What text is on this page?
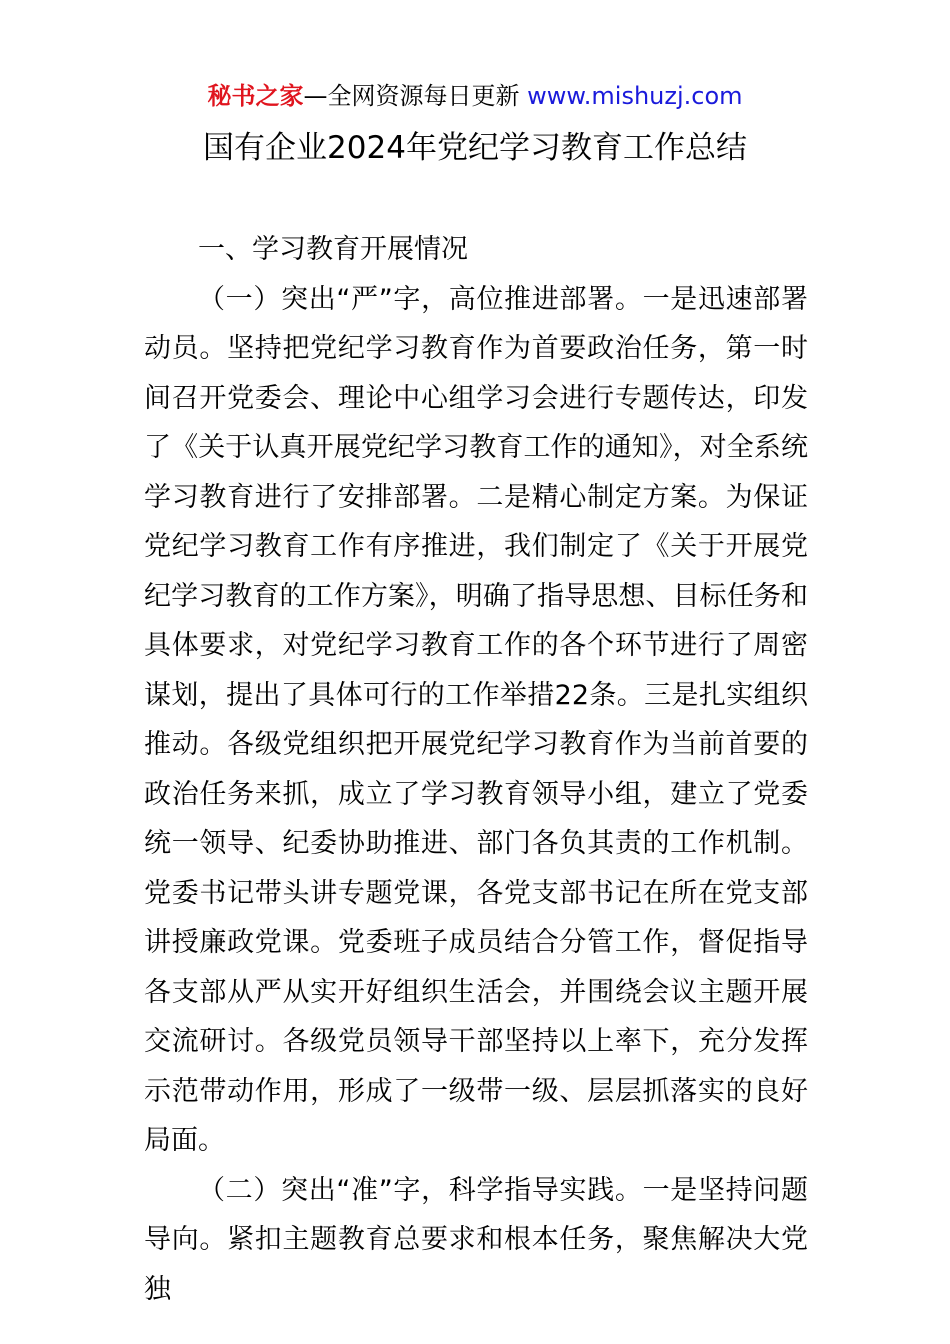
秘书之家—全网资源每日更新 www.mishuzj.com
国有企业2024年党纪学习教育工作总结

一、学习教育开展情况

（一）突出“严”字，高位推进部署。一是迅速部署动员。坚持把党纪学习教育作为首要政治任务，第一时间召开党委会、理论中心组学习会进行专题传达，印发了《关于认真开展党纪学习教育工作的通知》，对全系统学习教育进行了安排部署。二是精心制定方案。为保证党纪学习教育工作有序推进，我们制定了《关于开展党纪学习教育的工作方案》，明确了指导思想、目标任务和具体要求，对党纪学习教育工作的各个环节进行了周密谋划，提出了具体可行的工作举措22条。三是扎实组织推动。各级党组织把开展党纪学习教育作为当前首要的政治任务来抓，成立了学习教育领导小组，建立了党委统一领导、纪委协助推进、部门各负其责的工作机制。党委书记带头讲专题党课，各党支部书记在所在党支部讲授廉政党课。党委班子成员结合分管工作，督促指导各支部从严从实开好组织生活会，并围绕会议主题开展交流研讨。各级党员领导干部坚持以上率下，充分发挥示范带动作用，形成了一级带一级、层层抓落实的良好局面。

（二）突出“准”字，科学指导实践。一是坚持问题导向。紧扣主题教育总要求和根本任务，聚焦解决大党独
